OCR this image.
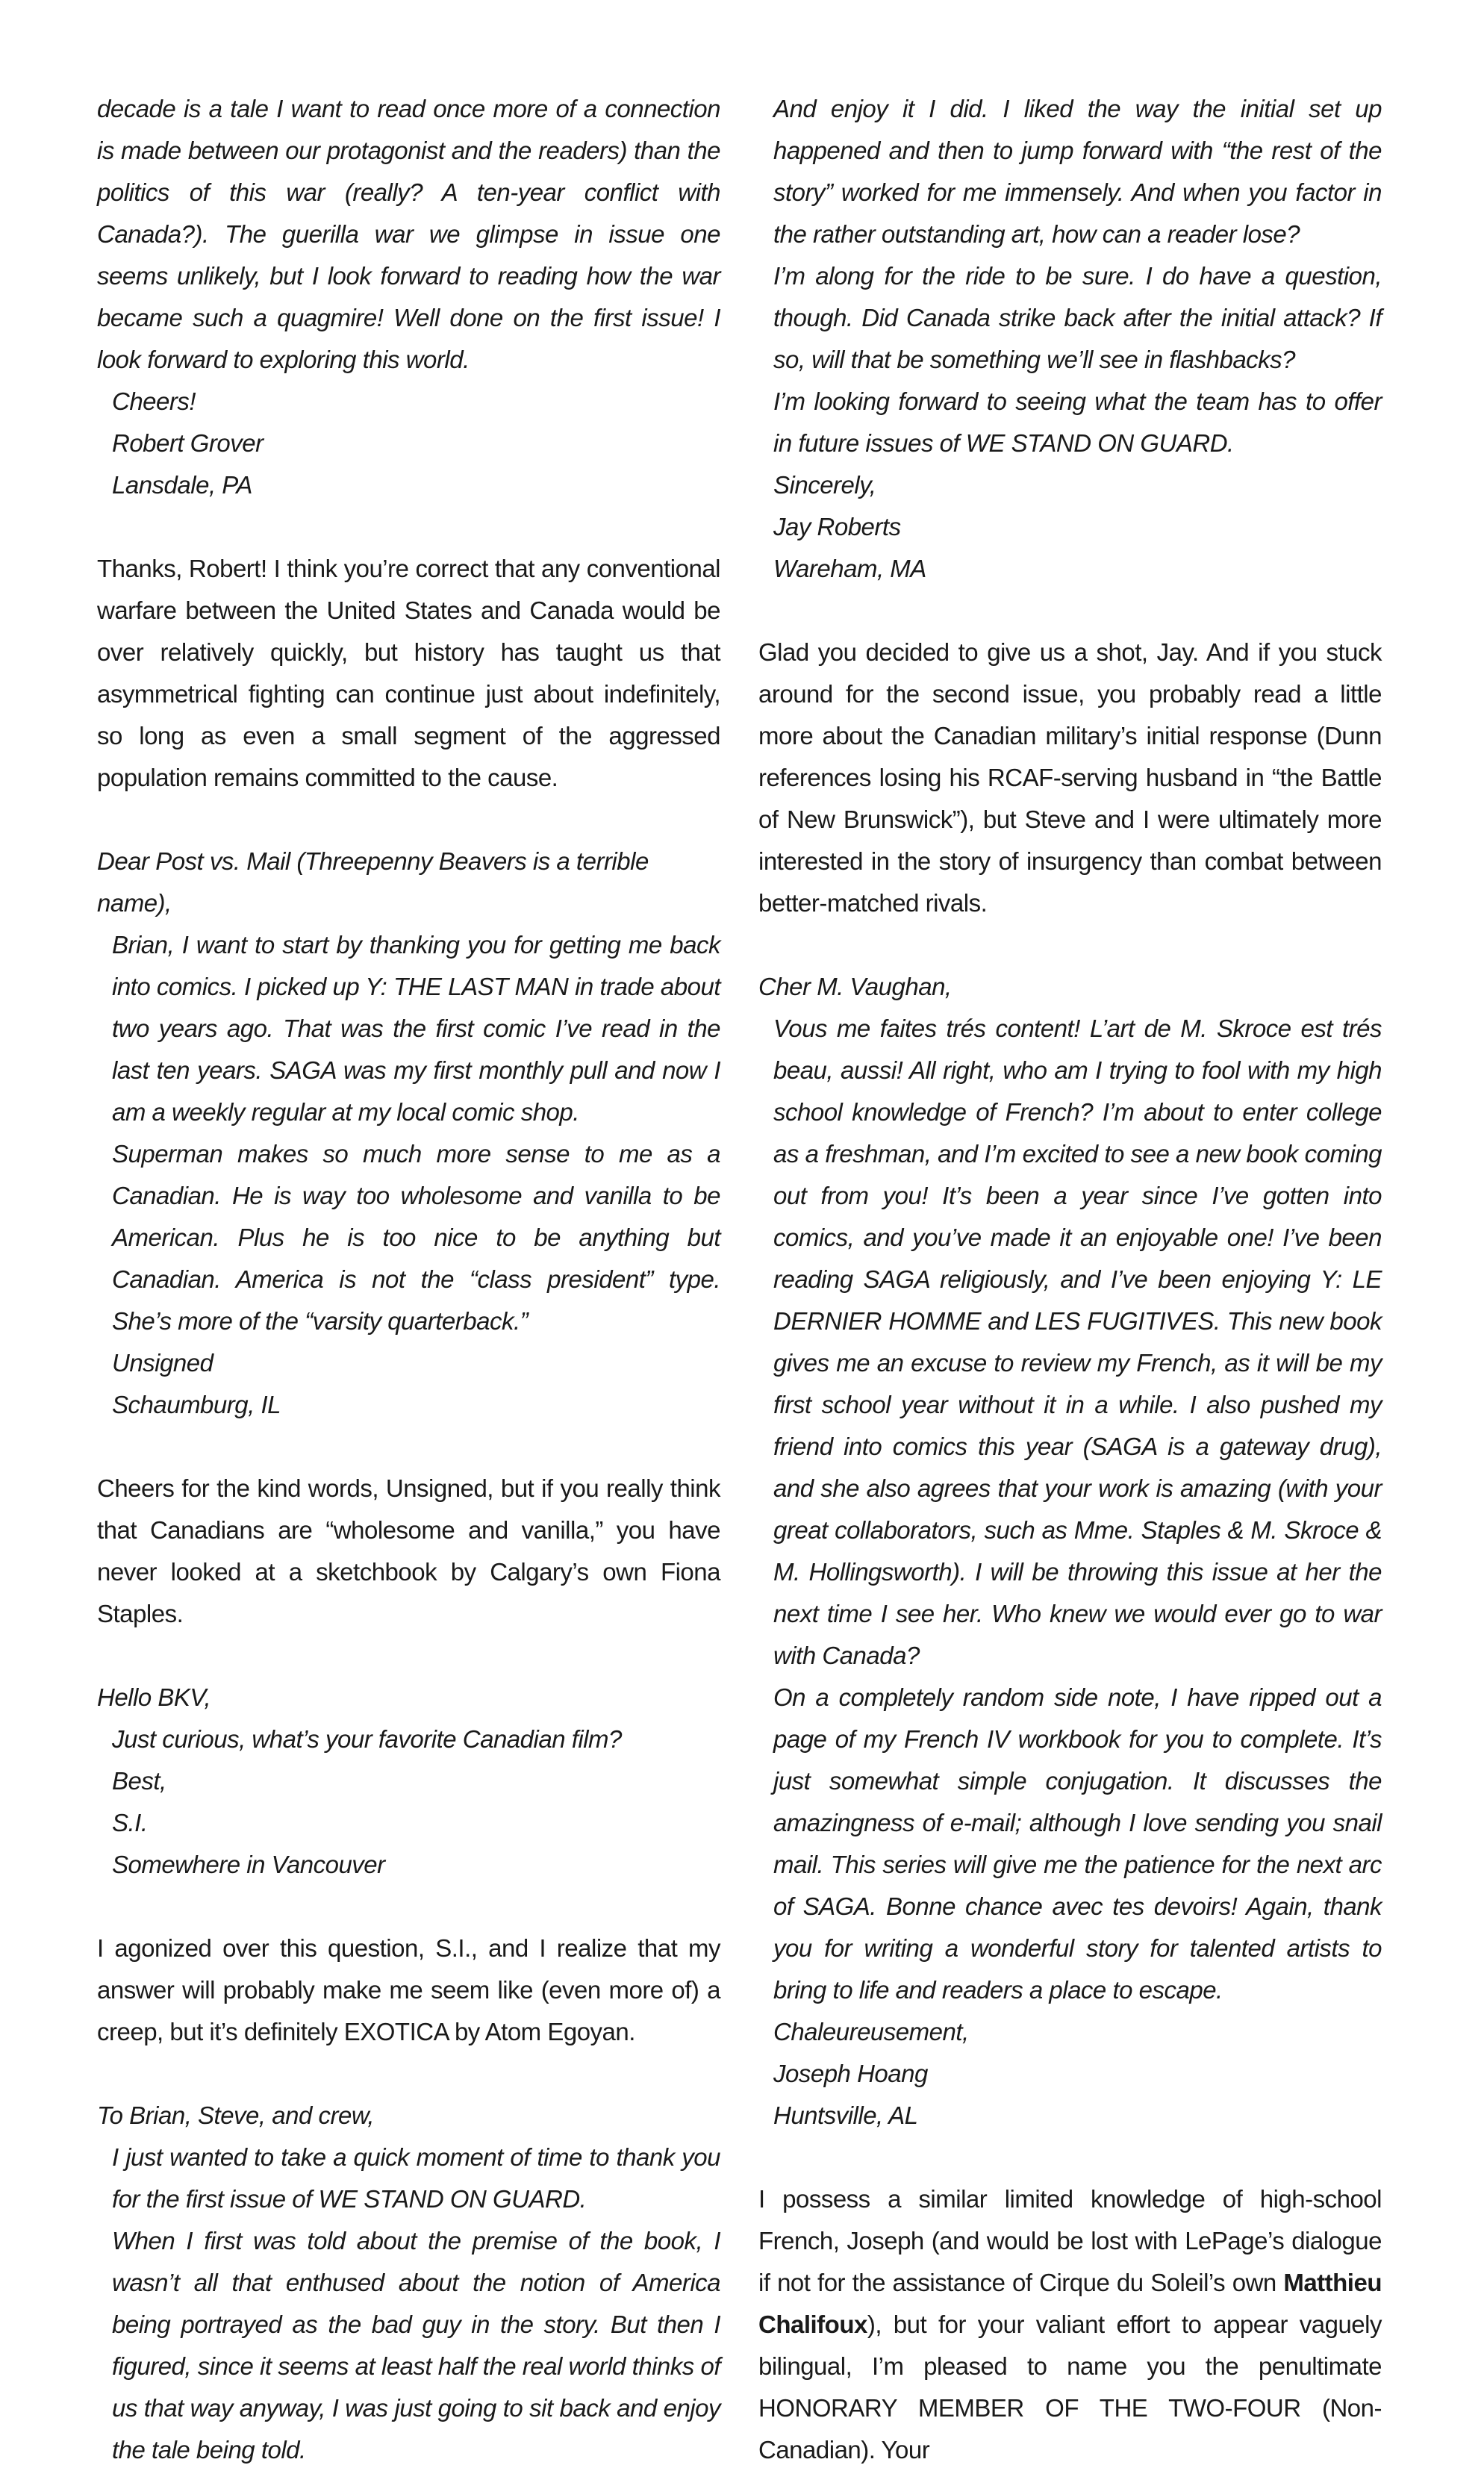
decade is a tale I want to read once more of a connection is made between our protagonist and the readers) than the politics of this war (really? A ten-year conflict with Canada?). The guerilla war we glimpse in issue one seems unlikely, but I look forward to reading how the war became such a quagmire! Well done on the first issue! I look forward to exploring this world.

Cheers!

Robert Grover

Lansdale, PA

Thanks, Robert! I think you’re correct that any conventional warfare between the United States and Canada would be over relatively quickly, but history has taught us that asymmetrical fighting can continue just about indefinitely, so long as even a small segment of the aggressed population remains committed to the cause.

Dear Post vs. Mail (Threepenny Beavers is a terrible name),

Brian, I want to start by thanking you for getting me back into comics. I picked up Y: THE LAST MAN in trade about two years ago. That was the first comic I’ve read in the last ten years. SAGA was my first monthly pull and now I am a weekly regular at my local comic shop.

Superman makes so much more sense to me as a Canadian. He is way too wholesome and vanilla to be American. Plus he is too nice to be anything but Canadian. America is not the “class president” type. She’s more of the “varsity quarterback.”

Unsigned

Schaumburg, IL

Cheers for the kind words, Unsigned, but if you really think that Canadians are “wholesome and vanilla,” you have never looked at a sketchbook by Calgary’s own Fiona Staples.

Hello BKV,

Just curious, what’s your favorite Canadian film?

Best,

S.I.

Somewhere in Vancouver

I agonized over this question, S.I., and I realize that my answer will probably make me seem like (even more of) a creep, but it’s definitely EXOTICA by Atom Egoyan.

To Brian, Steve, and crew,

I just wanted to take a quick moment of time to thank you for the first issue of WE STAND ON GUARD.

When I first was told about the premise of the book, I wasn’t all that enthused about the notion of America being portrayed as the bad guy in the story. But then I figured, since it seems at least half the real world thinks of us that way anyway, I was just going to sit back and enjoy the tale being told.

And enjoy it I did. I liked the way the initial set up happened and then to jump forward with “the rest of the story” worked for me immensely. And when you factor in the rather outstanding art, how can a reader lose?

I’m along for the ride to be sure. I do have a question, though. Did Canada strike back after the initial attack? If so, will that be something we’ll see in flashbacks?

I’m looking forward to seeing what the team has to offer in future issues of WE STAND ON GUARD.

Sincerely,

Jay Roberts

Wareham, MA

Glad you decided to give us a shot, Jay. And if you stuck around for the second issue, you probably read a little more about the Canadian military’s initial response (Dunn references losing his RCAF-serving husband in “the Battle of New Brunswick”), but Steve and I were ultimately more interested in the story of insurgency than combat between better-matched rivals.

Cher M. Vaughan,

Vous me faites trés content! L’art de M. Skroce est trés beau, aussi! All right, who am I trying to fool with my high school knowledge of French? I’m about to enter college as a freshman, and I’m excited to see a new book coming out from you! It’s been a year since I’ve gotten into comics, and you’ve made it an enjoyable one! I’ve been reading SAGA religiously, and I’ve been enjoying Y: LE DERNIER HOMME and LES FUGITIVES. This new book gives me an excuse to review my French, as it will be my first school year without it in a while. I also pushed my friend into comics this year (SAGA is a gateway drug), and she also agrees that your work is amazing (with your great collaborators, such as Mme. Staples & M. Skroce & M. Hollingsworth). I will be throwing this issue at her the next time I see her. Who knew we would ever go to war with Canada?

On a completely random side note, I have ripped out a page of my French IV workbook for you to complete. It’s just somewhat simple conjugation. It discusses the amazingness of e-mail; although I love sending you snail mail. This series will give me the patience for the next arc of SAGA. Bonne chance avec tes devoirs! Again, thank you for writing a wonderful story for talented artists to bring to life and readers a place to escape.

Chaleureusement,

Joseph Hoang

Huntsville, AL

I possess a similar limited knowledge of high-school French, Joseph (and would be lost with LePage’s dialogue if not for the assistance of Cirque du Soleil’s own Matthieu Chalifoux), but for your valiant effort to appear vaguely bilingual, I’m pleased to name you the penultimate HONORARY MEMBER OF THE TWO-FOUR (Non-Canadian). Your
